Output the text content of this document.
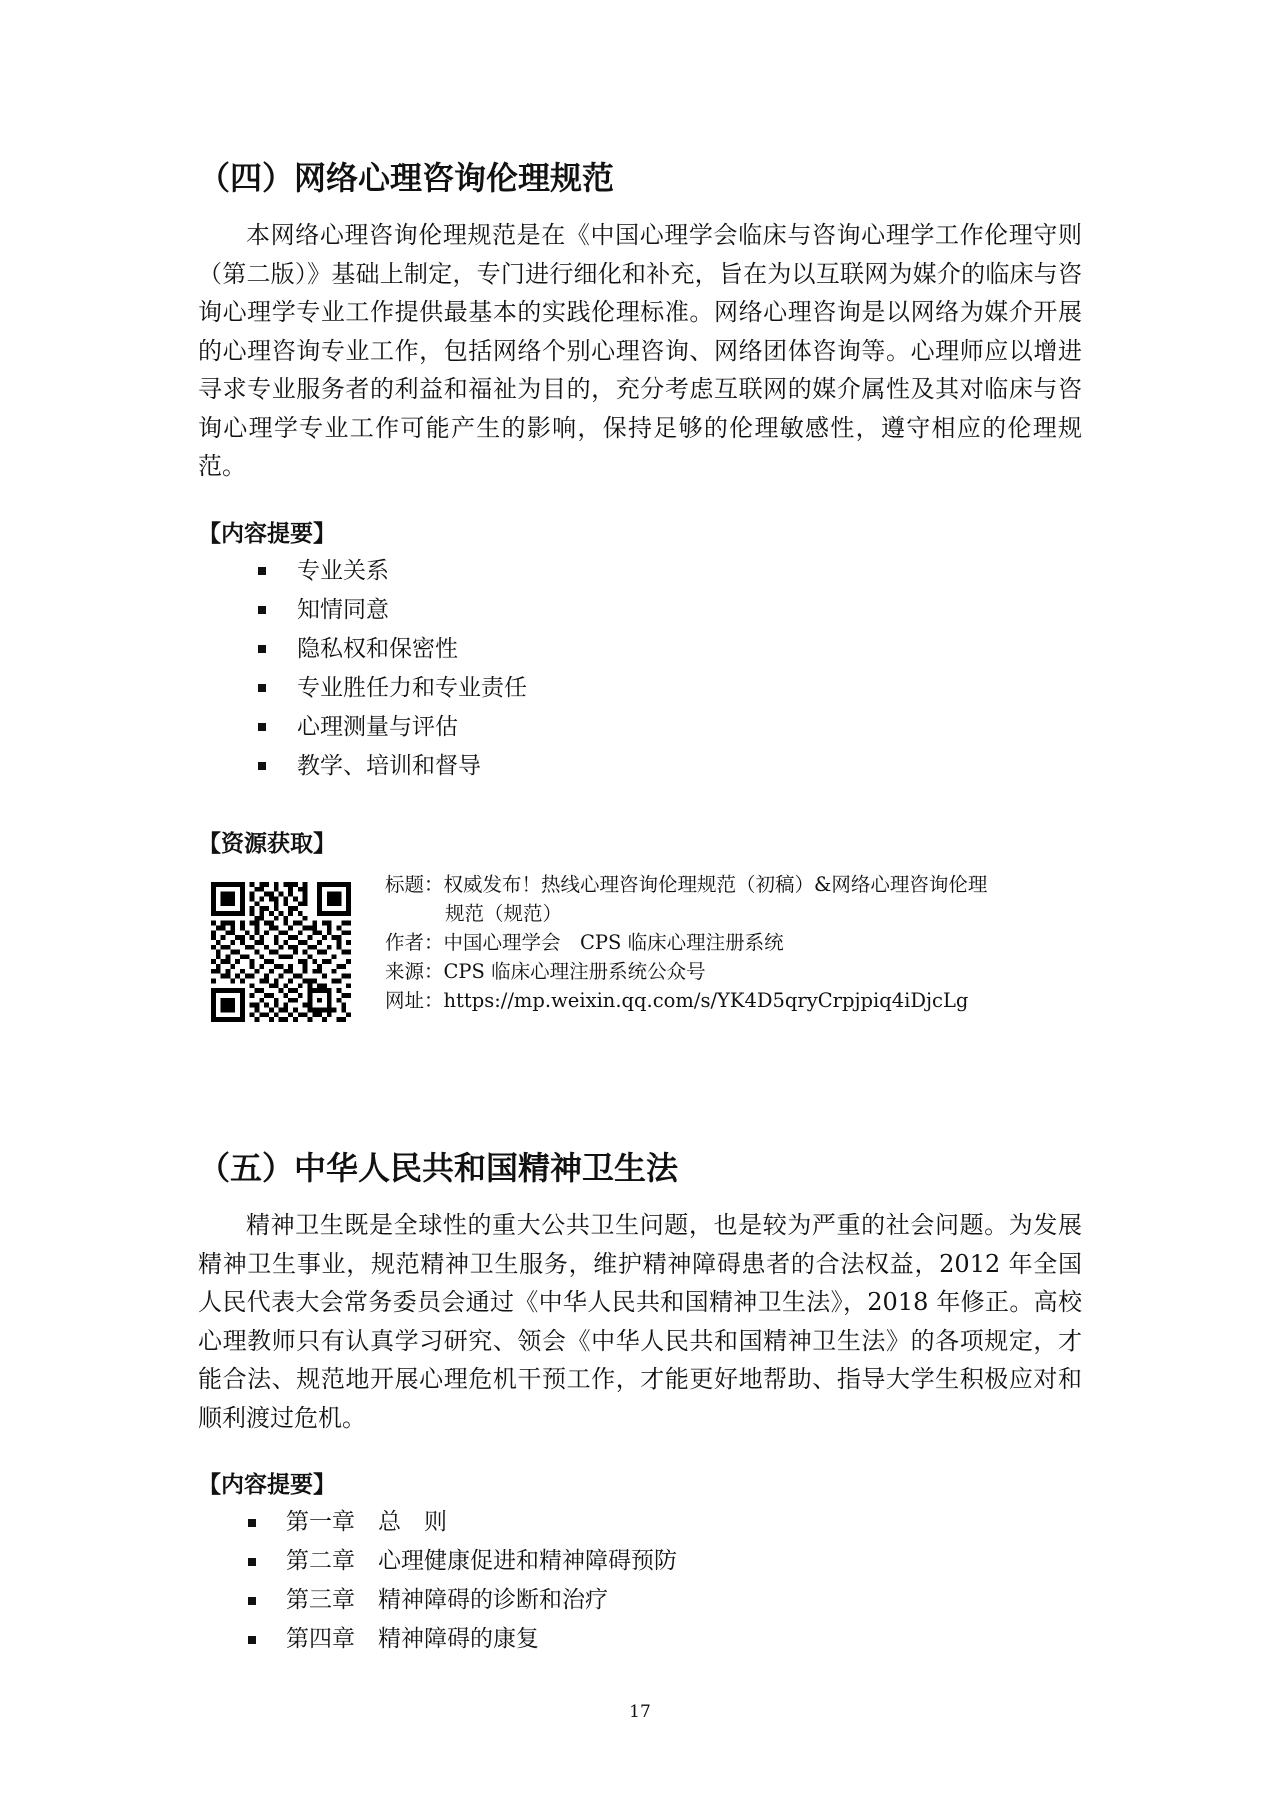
（四）网络心理咨询伦理规范

本网络心理咨询伦理规范是在《中国心理学会临床与咨询心理学工作伦理守则（第二版）》基础上制定，专门进行细化和补充，旨在为以互联网为媒介的临床与咨询心理学专业工作提供最基本的实践伦理标准。网络心理咨询是以网络为媒介开展的心理咨询专业工作，包括网络个别心理咨询、网络团体咨询等。心理师应以增进寻求专业服务者的利益和福祉为目的，充分考虑互联网的媒介属性及其对临床与咨询心理学专业工作可能产生的影响，保持足够的伦理敏感性，遵守相应的伦理规范。

【内容提要】
专业关系
知情同意
隐私权和保密性
专业胜任力和专业责任
心理测量与评估
教学、培训和督导
【资源获取】
标题：权威发布！热线心理咨询伦理规范（初稿）&网络心理咨询伦理
规范（规范）
作者：中国心理学会　CPS 临床心理注册系统
来源：CPS 临床心理注册系统公众号
网址：https://mp.weixin.qq.com/s/YK4D5qryCrpjpiq4iDjcLg
（五）中华人民共和国精神卫生法

精神卫生既是全球性的重大公共卫生问题，也是较为严重的社会问题。为发展精神卫生事业，规范精神卫生服务，维护精神障碍患者的合法权益，2012 年全国人民代表大会常务委员会通过《中华人民共和国精神卫生法》，2018 年修正。高校心理教师只有认真学习研究、领会《中华人民共和国精神卫生法》的各项规定，才能合法、规范地开展心理危机干预工作，才能更好地帮助、指导大学生积极应对和顺利渡过危机。

【内容提要】
第一章　总　则
第二章　心理健康促进和精神障碍预防
第三章　精神障碍的诊断和治疗
第四章　精神障碍的康复
17
